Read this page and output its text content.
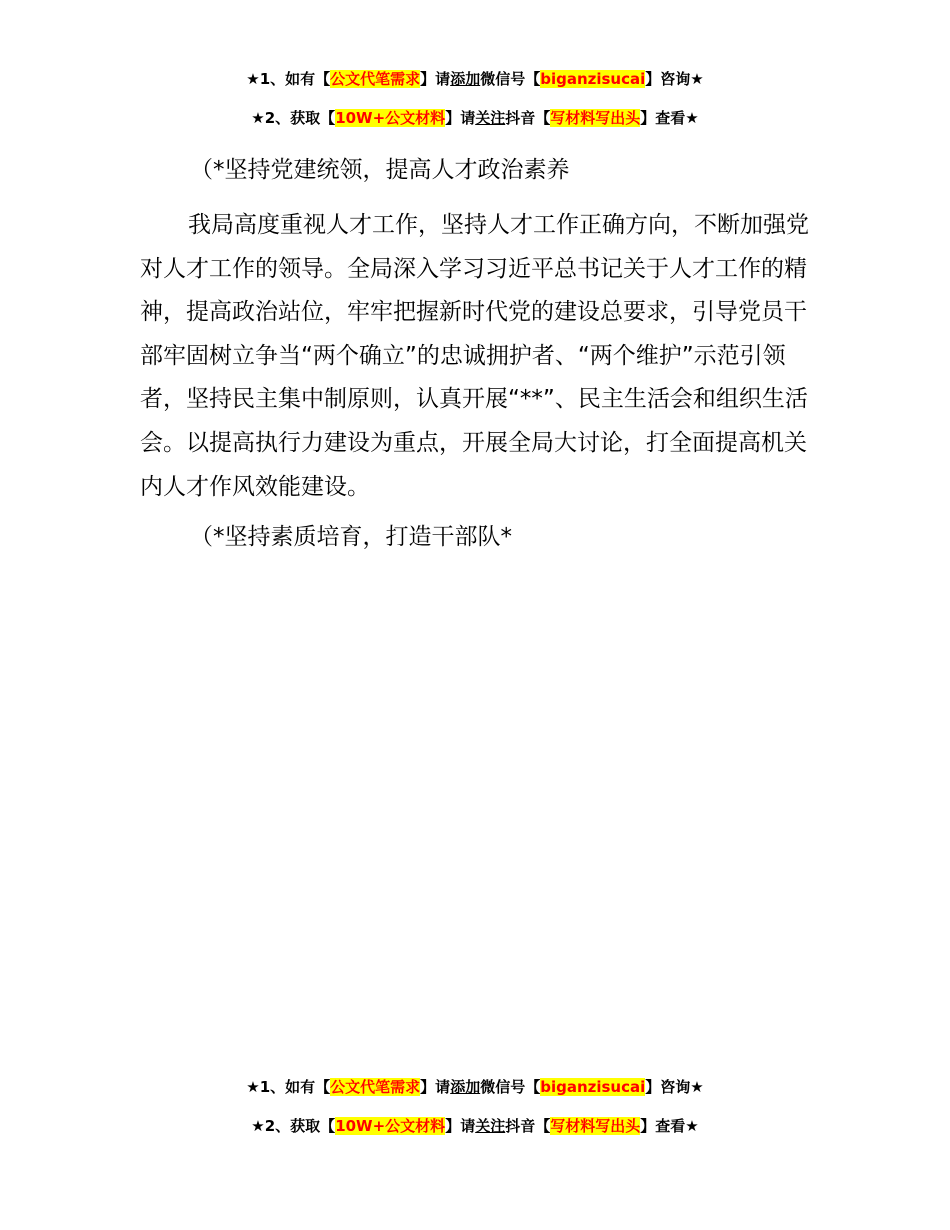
★1、如有【公文代笔需求】请添加微信号【biganzisucai】咨询★
★2、获取【10W+公文材料】请关注抖音【写材料写出头】查看★
（*坚持党建统领，提高人才政治素养

我局高度重视人才工作，坚持人才工作正确方向，不断加强党对人才工作的领导。全局深入学习习近平总书记关于人才工作的精神，提高政治站位，牢牢把握新时代党的建设总要求，引导党员干部牢固树立争当“两个确立”的忠诚拥护者、“两个维护”示范引领者，坚持民主集中制原则，认真开展“**”、民主生活会和组织生活会。以提高执行力建设为重点，开展全局大讨论，打全面提高机关内人才作风效能建设。

（*坚持素质培育，打造干部队*
★1、如有【公文代笔需求】请添加微信号【biganzisucai】咨询★
★2、获取【10W+公文材料】请关注抖音【写材料写出头】查看★
